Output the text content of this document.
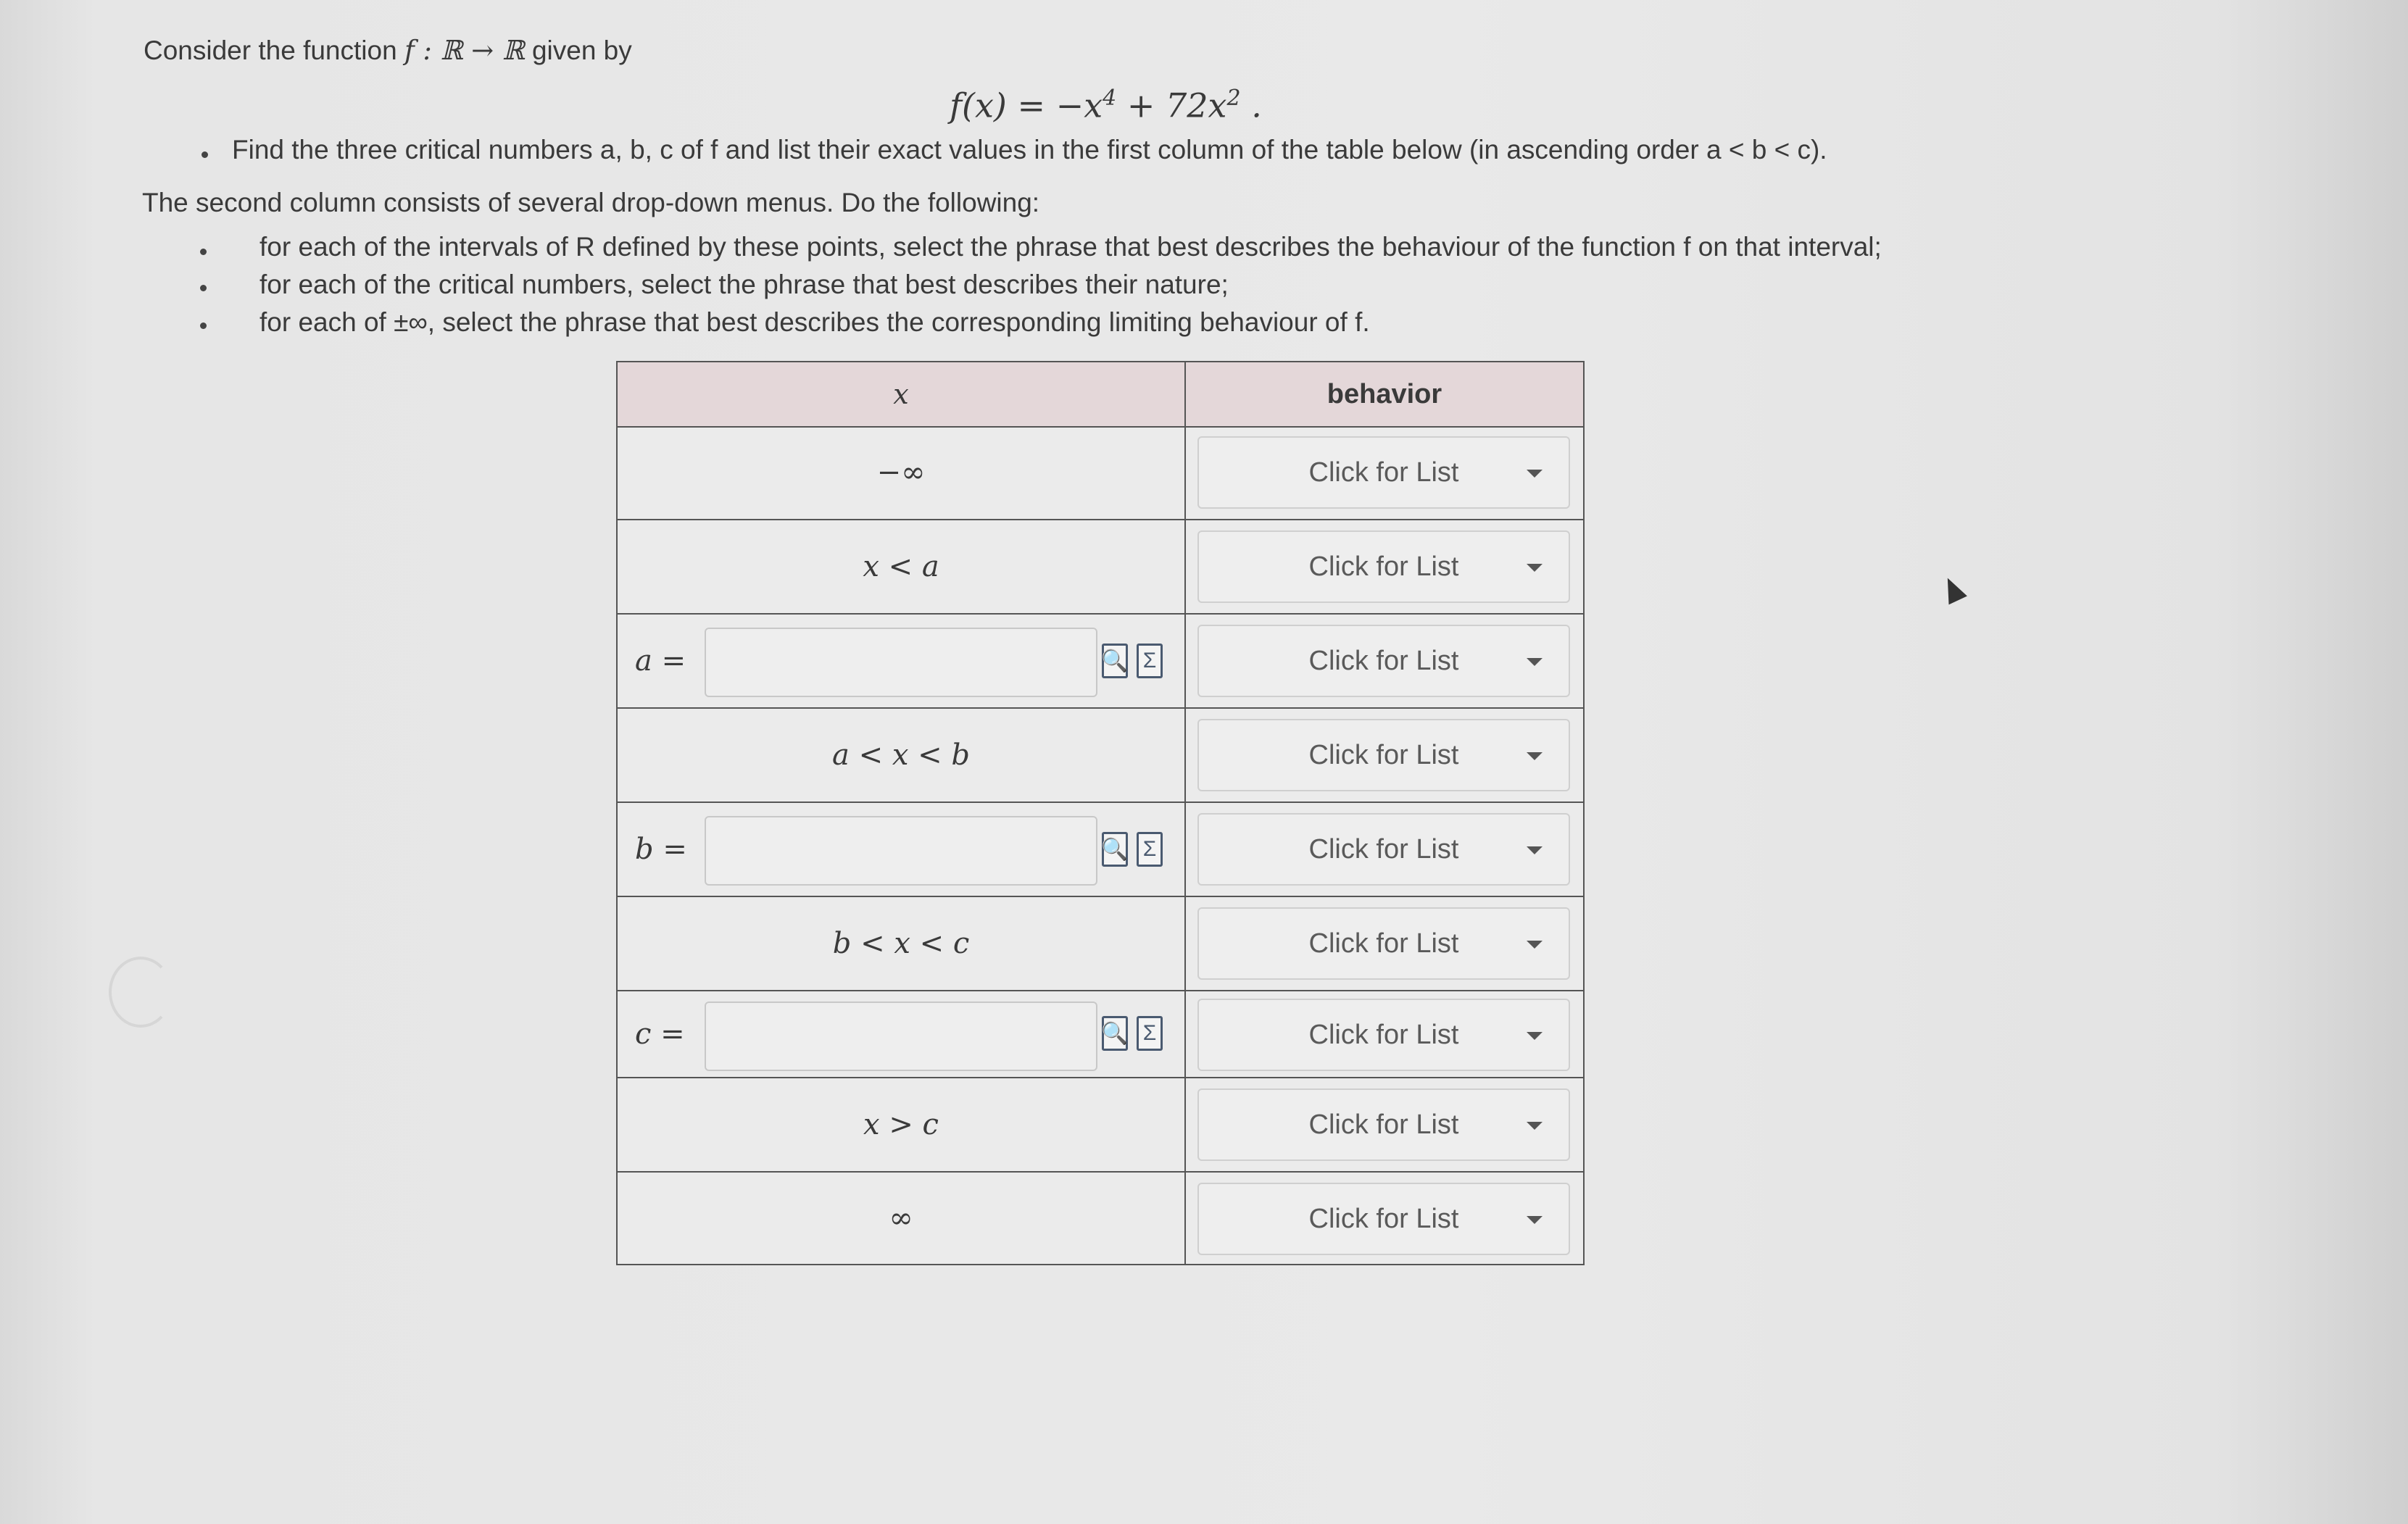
Consider the function f : ℝ → ℝ given by
$f(x) = -x^4 + 72x^2$ .
Find the three critical numbers a, b, c of f and list their exact values in the first column of the table below (in ascending order a < b < c).
The second column consists of several drop-down menus. Do the following:
for each of the intervals of R defined by these points, select the phrase that best describes the behaviour of the function f on that interval;
for each of the critical numbers, select the phrase that best describes their nature;
for each of ±∞, select the phrase that best describes the corresponding limiting behaviour of f.
x	behavior
−∞	Click for List
x < a	Click for List
a =	🔍 Σ	Click for List
a < x < b	Click for List
b =	🔍 Σ	Click for List
b < x < c	Click for List
c =	🔍 Σ	Click for List
x > c	Click for List
∞	Click for List
